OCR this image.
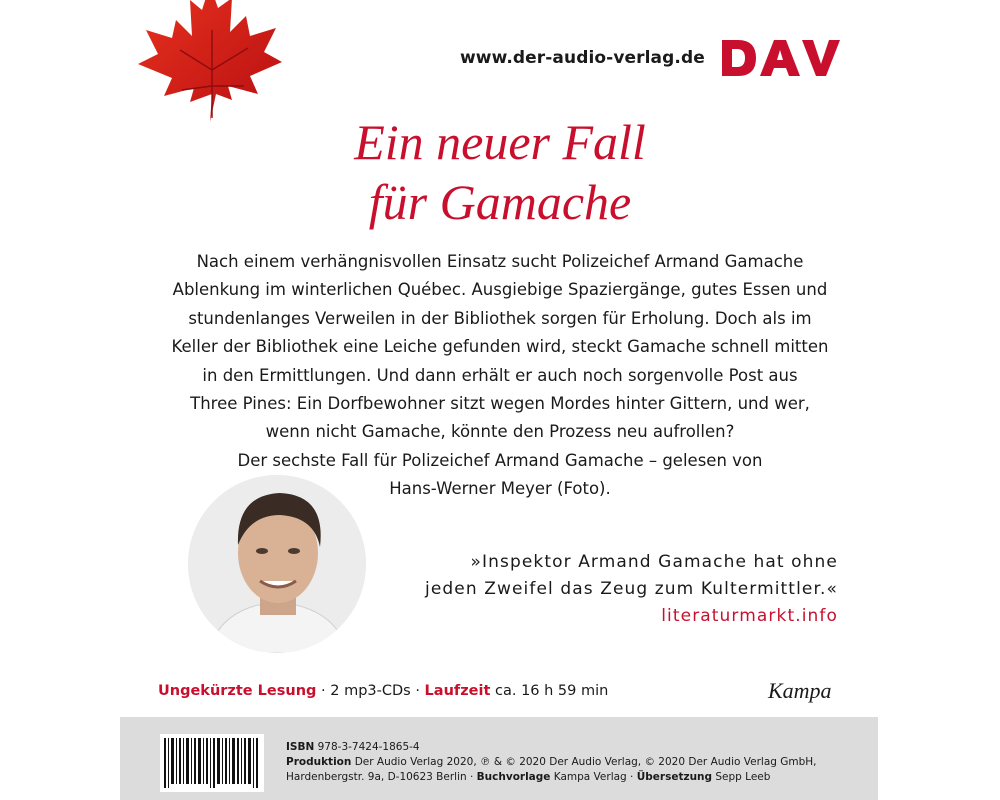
www.der-audio-verlag.de
Ein neuer Fall
für Gamache
Nach einem verhängnisvollen Einsatz sucht Polizeichef Armand Gamache
Ablenkung im winterlichen Québec. Ausgiebige Spaziergänge, gutes Essen und
stundenlanges Verweilen in der Bibliothek sorgen für Erholung. Doch als im
Keller der Bibliothek eine Leiche gefunden wird, steckt Gamache schnell mitten
in den Ermittlungen. Und dann erhält er auch noch sorgenvolle Post aus
Three Pines: Ein Dorfbewohner sitzt wegen Mordes hinter Gittern, und wer,
wenn nicht Gamache, könnte den Prozess neu aufrollen?
Der sechste Fall für Polizeichef Armand Gamache – gelesen von
Hans-Werner Meyer (Foto).
»Inspektor Armand Gamache hat ohne
jeden Zweifel das Zeug zum Kultermittler.«
literaturmarkt.info
Ungekürzte Lesung · 2 mp3-CDs · Laufzeit ca. 16 h 59 min	Kampa
ISBN 978-3-7424-1865-4
Produktion Der Audio Verlag 2020, ℗ & © 2020 Der Audio Verlag, © 2020 Der Audio Verlag GmbH,
Hardenbergstr. 9a, D-10623 Berlin · Buchvorlage Kampa Verlag · Übersetzung Sepp Leeb
